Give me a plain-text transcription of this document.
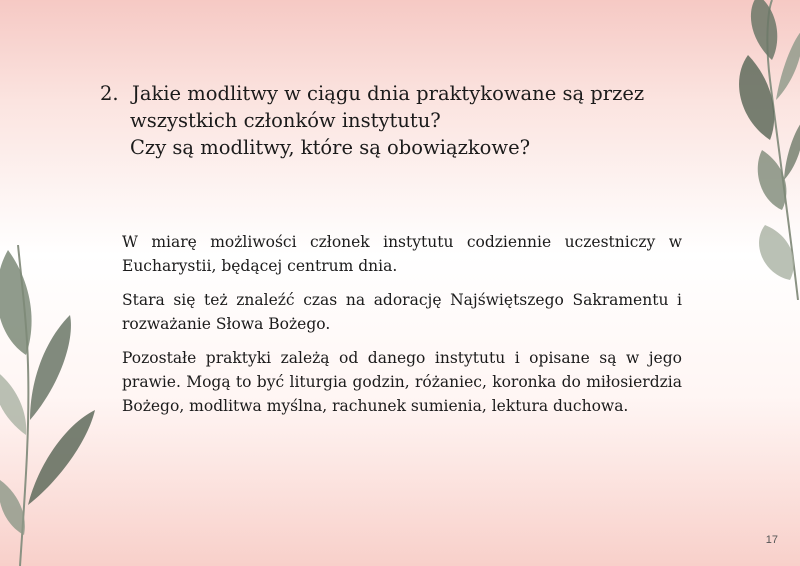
2. Jakie modlitwy w ciągu dnia praktykowane są przez
wszystkich członków instytutu?
Czy są modlitwy, które są obowiązkowe?

W miarę możliwości członek instytutu codziennie uczestniczy w Eucharystii, będącej centrum dnia.

Stara się też znaleźć czas na adorację Najświętszego Sakramentu i rozważanie Słowa Bożego.

Pozostałe praktyki zależą od danego instytutu i opisane są w jego prawie. Mogą to być liturgia godzin, różaniec, koronka do miłosierdzia Bożego, modlitwa myślna, rachunek sumienia, lektura duchowa.

17
